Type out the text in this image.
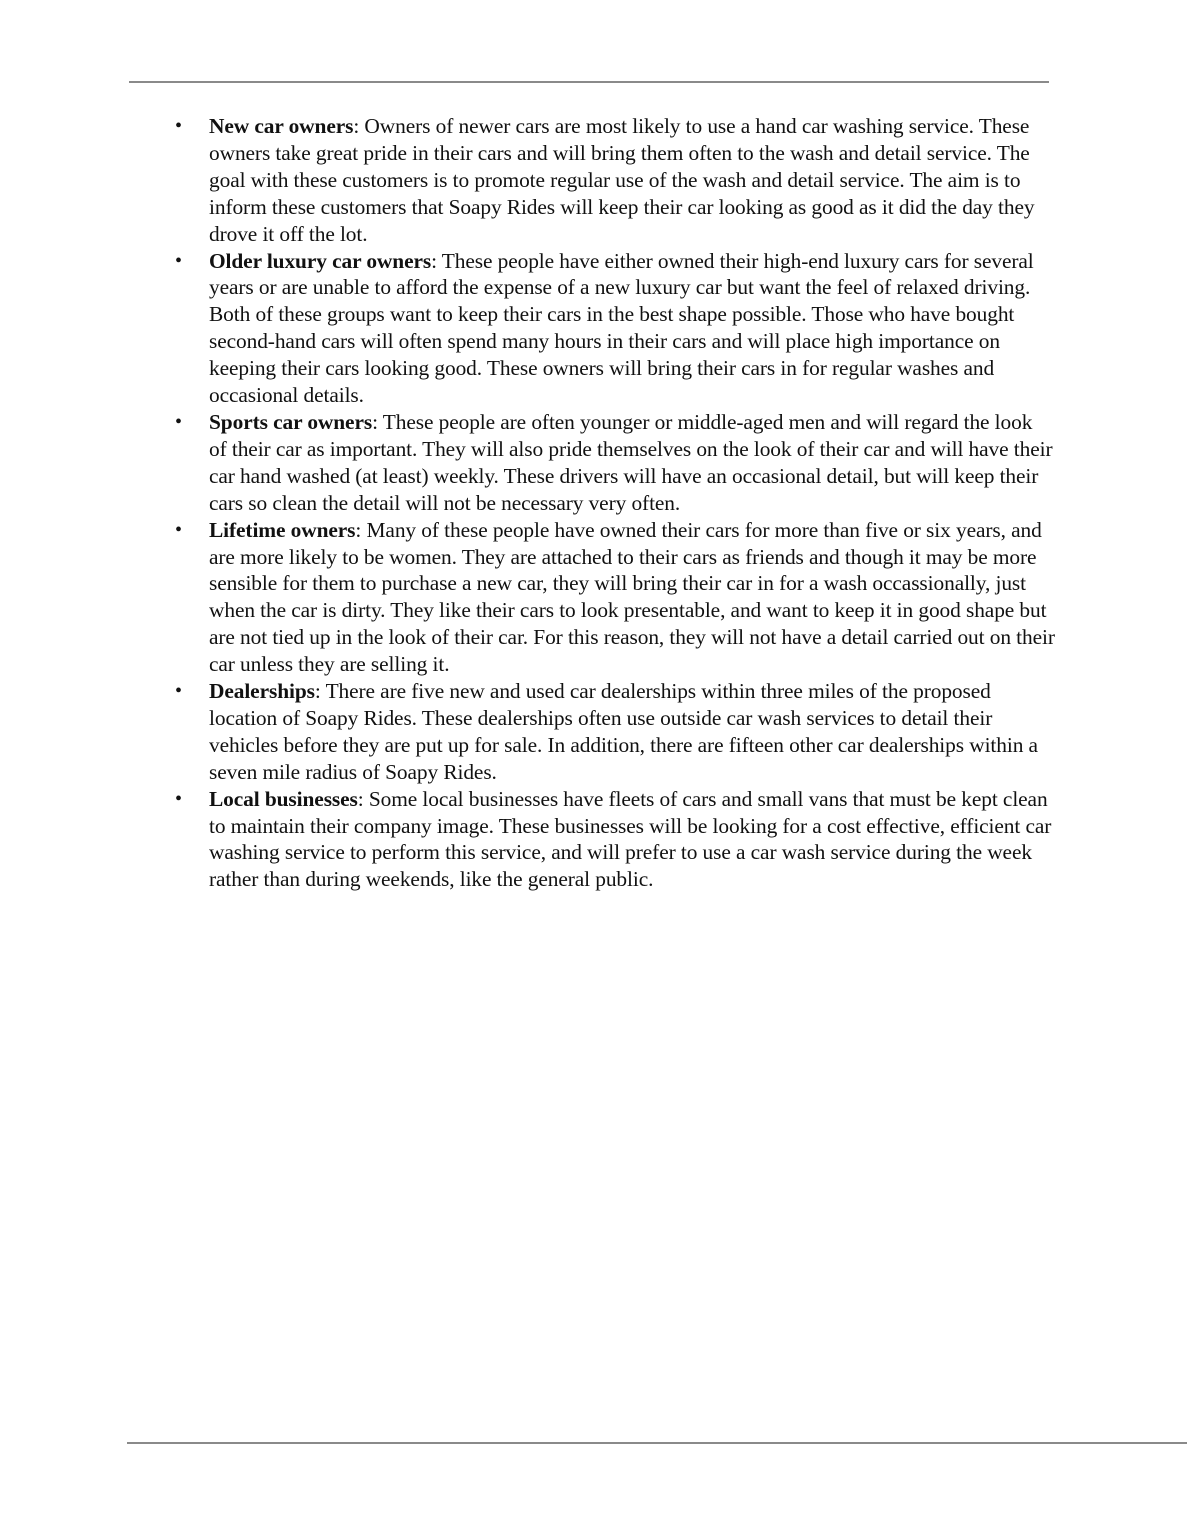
•	New car owners: Owners of newer cars are most likely to use a hand car washing service. These owners take great pride in their cars and will bring them often to the wash and detail service. The goal with these customers is to promote regular use of the wash and detail service. The aim is to inform these customers that Soapy Rides will keep their car looking as good as it did the day they drove it off the lot.
•	Older luxury car owners: These people have either owned their high-end luxury cars for several years or are unable to afford the expense of a new luxury car but want the feel of relaxed driving. Both of these groups want to keep their cars in the best shape possible. Those who have bought second-hand cars will often spend many hours in their cars and will place high importance on keeping their cars looking good. These owners will bring their cars in for regular washes and occasional details.
•	Sports car owners: These people are often younger or middle-aged men and will regard the look of their car as important. They will also pride themselves on the look of their car and will have their car hand washed (at least) weekly. These drivers will have an occasional detail, but will keep their cars so clean the detail will not be necessary very often.
•	Lifetime owners: Many of these people have owned their cars for more than five or six years, and are more likely to be women. They are attached to their cars as friends and though it may be more sensible for them to purchase a new car, they will bring their car in for a wash occassionally, just when the car is dirty. They like their cars to look presentable, and want to keep it in good shape but are not tied up in the look of their car. For this reason, they will not have a detail carried out on their car unless they are selling it.
•	Dealerships: There are five new and used car dealerships within three miles of the proposed location of Soapy Rides. These dealerships often use outside car wash services to detail their vehicles before they are put up for sale. In addition, there are fifteen other car dealerships within a seven mile radius of Soapy Rides.
•	Local businesses: Some local businesses have fleets of cars and small vans that must be kept clean to maintain their company image. These businesses will be looking for a cost effective, efficient car washing service to perform this service, and will prefer to use a car wash service during the week rather than during weekends, like the general public.
